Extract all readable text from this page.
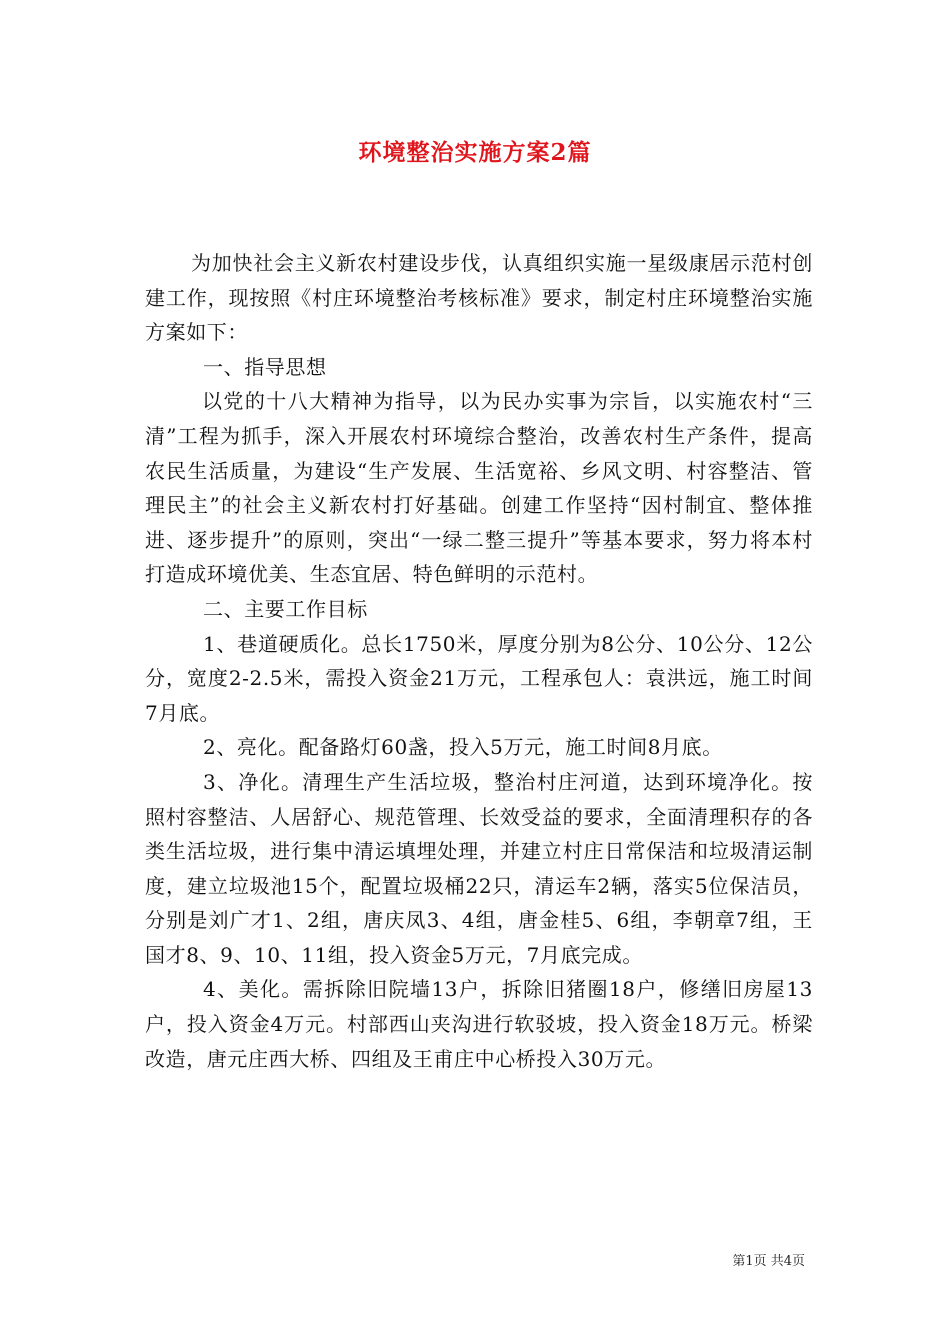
环境整治实施方案2篇

为加快社会主义新农村建设步伐，认真组织实施一星级康居示范村创建工作，现按照《村庄环境整治考核标准》要求，制定村庄环境整治实施方案如下：

一、指导思想

以党的十八大精神为指导，以为民办实事为宗旨，以实施农村“三清”工程为抓手，深入开展农村环境综合整治，改善农村生产条件，提高农民生活质量，为建设“生产发展、生活宽裕、乡风文明、村容整洁、管理民主”的社会主义新农村打好基础。创建工作坚持“因村制宜、整体推进、逐步提升”的原则，突出“一绿二整三提升”等基本要求，努力将本村打造成环境优美、生态宜居、特色鲜明的示范村。

二、主要工作目标

1、巷道硬质化。总长1750米，厚度分别为8公分、10公分、12公分，宽度2-2.5米，需投入资金21万元，工程承包人：袁洪远，施工时间7月底。

2、亮化。配备路灯60盏，投入5万元，施工时间8月底。

3、净化。清理生产生活垃圾，整治村庄河道，达到环境净化。按照村容整洁、人居舒心、规范管理、长效受益的要求，全面清理积存的各类生活垃圾，进行集中清运填埋处理，并建立村庄日常保洁和垃圾清运制度，建立垃圾池15个，配置垃圾桶22只，清运车2辆，落实5位保洁员，分别是刘广才1、2组，唐庆凤3、4组，唐金桂5、6组，李朝章7组，王国才8、9、10、11组，投入资金5万元，7月底完成。

4、美化。需拆除旧院墙13户，拆除旧猪圈18户，修缮旧房屋13户，投入资金4万元。村部西山夹沟进行软驳坡，投入资金18万元。桥梁改造，唐元庄西大桥、四组及王甫庄中心桥投入30万元。

第1页 共4页
